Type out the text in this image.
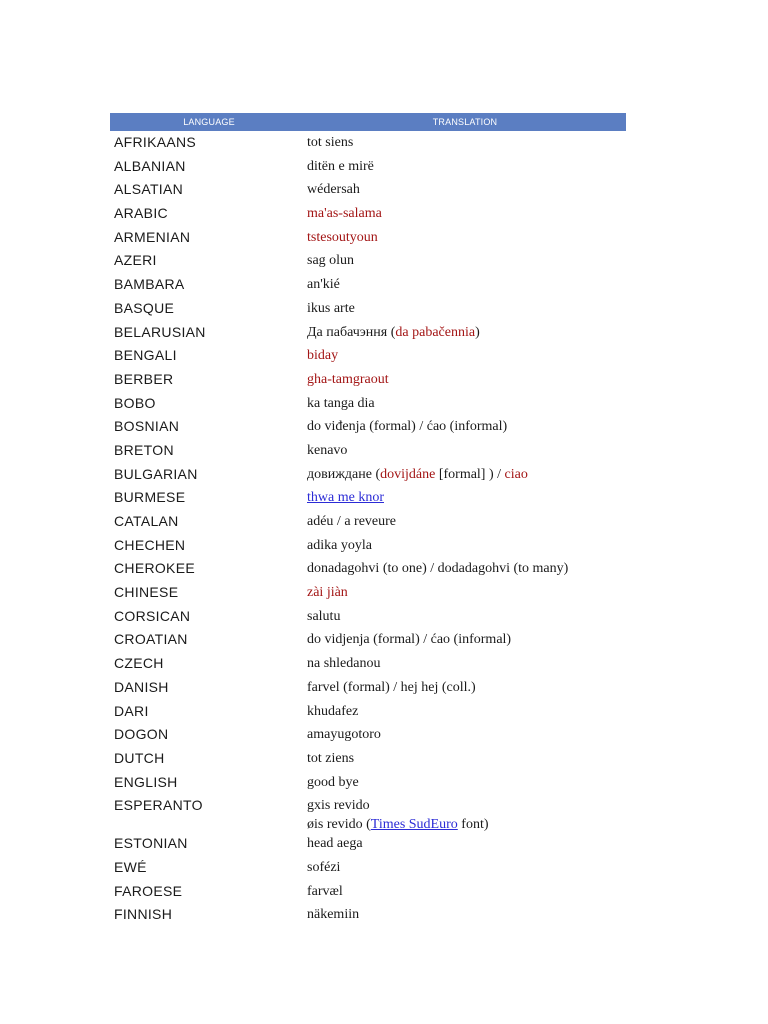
LANGUAGE	TRANSLATION
AFRIKAANS	tot siens
ALBANIAN	ditën e mirë
ALSATIAN	wédersah
ARABIC	ma'as-salama
ARMENIAN	tstesoutyoun
AZERI	sag olun
BAMBARA	an'kié
BASQUE	ikus arte
BELARUSIAN	Да пабачэння (da pabačennia)
BENGALI	biday
BERBER	gha-tamgraout
BOBO	ka tanga dia
BOSNIAN	do viđenja (formal) / ćao (informal)
BRETON	kenavo
BULGARIAN	довиждане (dovijdáne [formal] ) / ciao
BURMESE	thwa me knor
CATALAN	adéu / a reveure
CHECHEN	adika yoyla
CHEROKEE	donadagohvi (to one) / dodadagohvi (to many)
CHINESE	zài jiàn
CORSICAN	salutu
CROATIAN	do vidjenja (formal) / ćao (informal)
CZECH	na shledanou
DANISH	farvel (formal) / hej hej (coll.)
DARI	khudafez
DOGON	amayugotoro
DUTCH	tot ziens
ENGLISH	good bye
ESPERANTO	gxis revido
øis revido (Times SudEuro font)
ESTONIAN	head aega
EWÉ	sofézi
FAROESE	farvæl
FINNISH	näkemiin
